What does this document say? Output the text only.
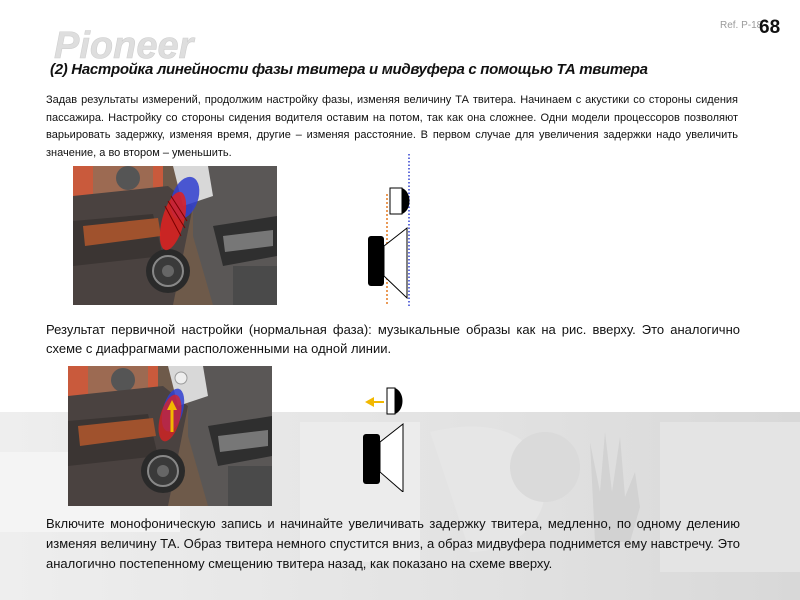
Pioneer	Ref. P-18
68
(2) Настройка линейности фазы твитера и мидвуфера с помощью ТА твитера

Задав результаты измерений, продолжим настройку фазы, изменяя величину ТА твитера. Начинаем с акустики со стороны сидения пассажира. Настройку со стороны сидения водителя оставим на потом, так как она сложнее. Одни модели процессоров позволяют варьировать задержку, изменяя время, другие – изменяя расстояние. В первом случае для увеличения задержки надо увеличить значение, а во втором – уменьшить.

Результат первичной настройки (нормальная фаза): музыкальные образы как на рис. вверху. Это аналогично схеме с диафрагмами расположенными на одной линии.

Включите монофоническую запись и начинайте увеличивать задержку твитера, медленно, по одному делению изменяя величину ТА. Образ твитера немного спустится вниз, а образ мидвуфера поднимется ему навстречу. Это аналогично постепенному смещению твитера назад, как показано на схеме вверху.
